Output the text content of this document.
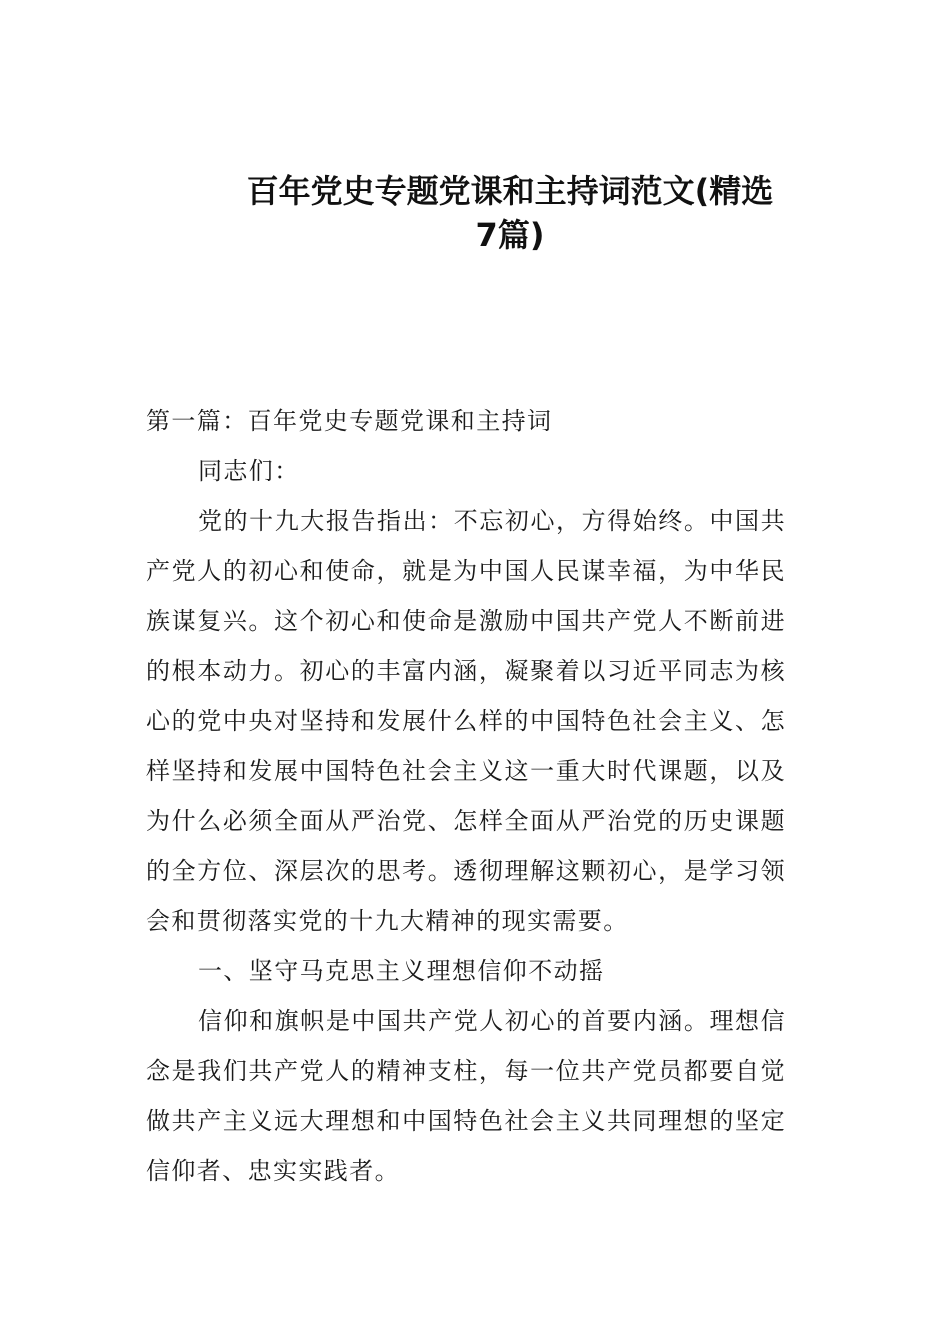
百年党史专题党课和主持词范文(精选
7篇)

第一篇：百年党史专题党课和主持词

同志们：

党的十九大报告指出：不忘初心，方得始终。中国共产党人的初心和使命，就是为中国人民谋幸福，为中华民族谋复兴。这个初心和使命是激励中国共产党人不断前进的根本动力。初心的丰富内涵，凝聚着以习近平同志为核心的党中央对坚持和发展什么样的中国特色社会主义、怎样坚持和发展中国特色社会主义这一重大时代课题，以及为什么必须全面从严治党、怎样全面从严治党的历史课题的全方位、深层次的思考。透彻理解这颗初心，是学习领会和贯彻落实党的十九大精神的现实需要。

一、坚守马克思主义理想信仰不动摇

信仰和旗帜是中国共产党人初心的首要内涵。理想信念是我们共产党人的精神支柱，每一位共产党员都要自觉做共产主义远大理想和中国特色社会主义共同理想的坚定信仰者、忠实实践者。
